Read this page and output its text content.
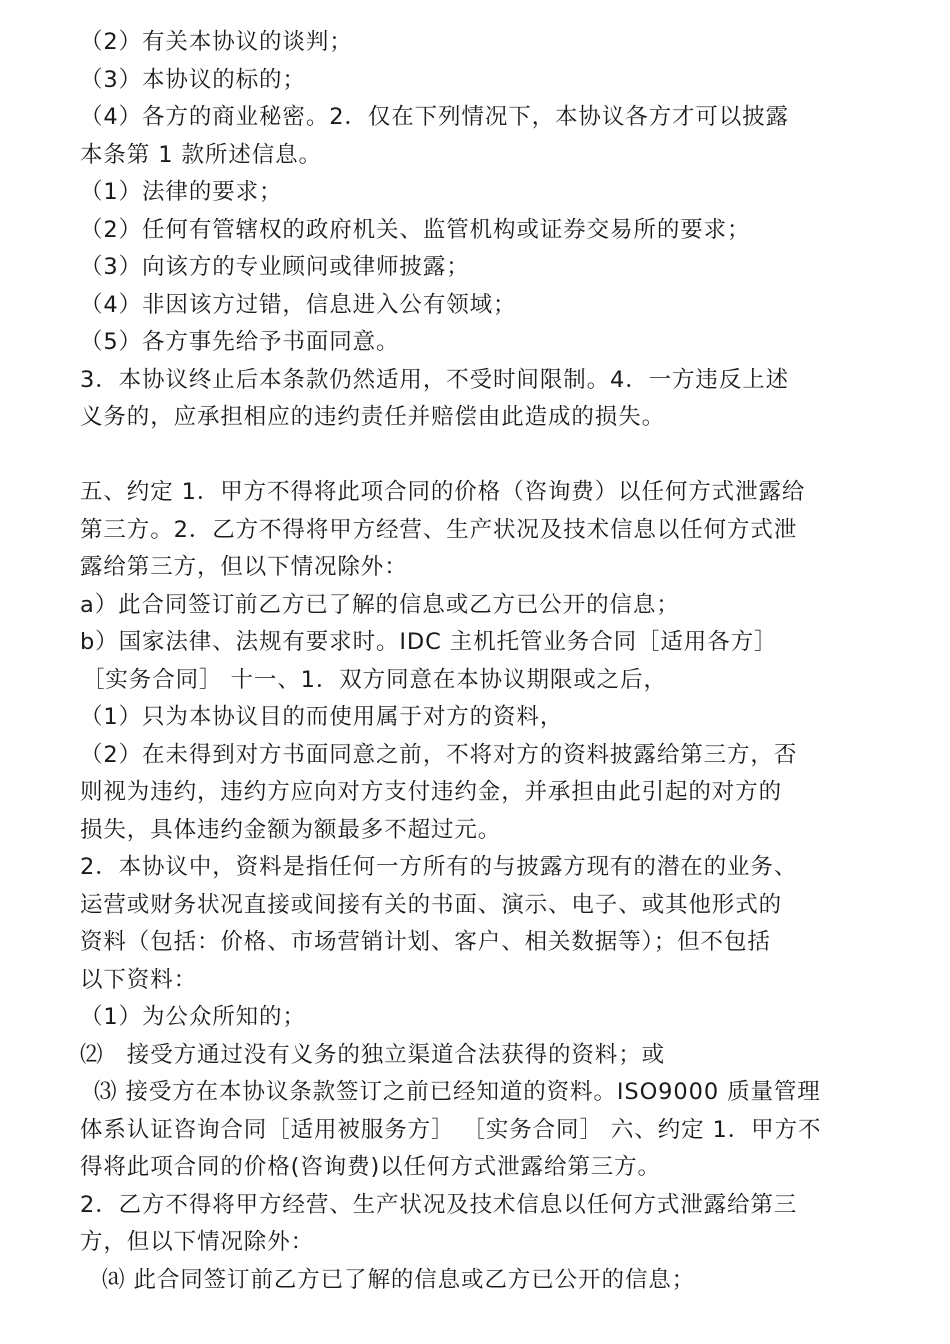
（2）有关本协议的谈判；
（3）本协议的标的；
（4）各方的商业秘密。2．仅在下列情况下，本协议各方才可以披露
本条第 1 款所述信息。
（1）法律的要求；
（2）任何有管辖权的政府机关、监管机构或证券交易所的要求；
（3）向该方的专业顾问或律师披露；
（4）非因该方过错，信息进入公有领域；
（5）各方事先给予书面同意。
3．本协议终止后本条款仍然适用，不受时间限制。4．一方违反上述
义务的，应承担相应的违约责任并赔偿由此造成的损失。
五、约定 1．甲方不得将此项合同的价格（咨询费）以任何方式泄露给
第三方。2．乙方不得将甲方经营、生产状况及技术信息以任何方式泄
露给第三方，但以下情况除外：
a）此合同签订前乙方已了解的信息或乙方已公开的信息；
b）国家法律、法规有要求时。IDC 主机托管业务合同［适用各方］
［实务合同］ 十一、1．双方同意在本协议期限或之后，
（1）只为本协议目的而使用属于对方的资料，
（2）在未得到对方书面同意之前，不将对方的资料披露给第三方，否
则视为违约，违约方应向对方支付违约金，并承担由此引起的对方的
损失，具体违约金额为额最多不超过元。
2．本协议中，资料是指任何一方所有的与披露方现有的潜在的业务、
运营或财务状况直接或间接有关的书面、演示、电子、或其他形式的
资料（包括：价格、市场营销计划、客户、相关数据等）；但不包括
以下资料：
（1）为公众所知的；
⑵　接受方通过没有义务的独立渠道合法获得的资料；或
⑶ 接受方在本协议条款签订之前已经知道的资料。ISO9000 质量管理
体系认证咨询合同［适用被服务方］ ［实务合同］ 六、约定 1．甲方不
得将此项合同的价格(咨询费)以任何方式泄露给第三方。
2．乙方不得将甲方经营、生产状况及技术信息以任何方式泄露给第三
方，但以下情况除外：
⒜ 此合同签订前乙方已了解的信息或乙方已公开的信息；
